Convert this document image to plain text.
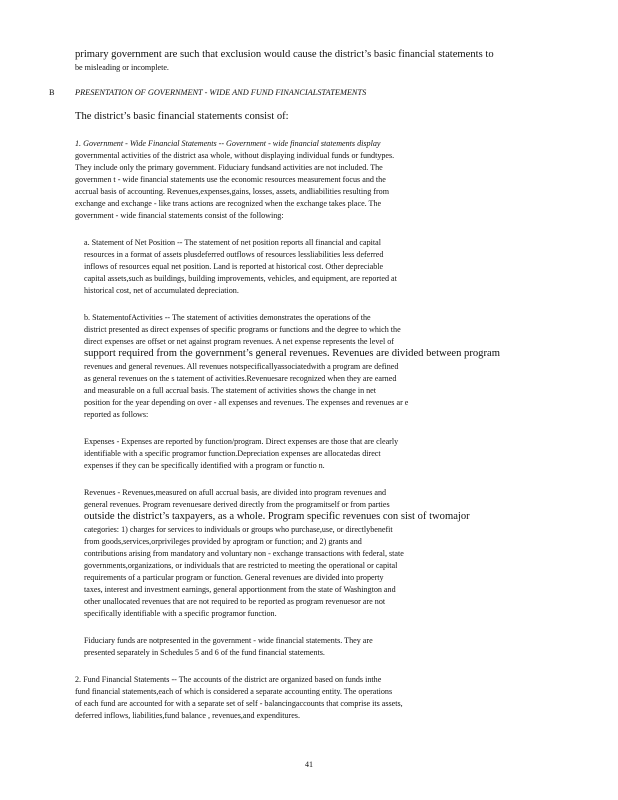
primary government are such that exclusion would cause the district’s basic financial statements to
be misleading or incomplete.
B PRESENTATION OF GOVERNMENT - WIDE AND FUND FINANCIALSTATEMENTS
The district’s basic financial statements consist of:
1. Government - Wide Financial Statements -- Government - wide financial statements display
governmental activities of the district asa whole, without displaying individual funds or fundtypes.
They include only the primary government. Fiduciary fundsand activities are not included. The
governmen t - wide financial statements use the economic resources measurement focus and the
accrual basis of accounting. Revenues,expenses,gains, losses, assets, andliabilities resulting from
exchange and exchange - like trans actions are recognized when the exchange takes place. The
government - wide financial statements consist of the following:
a. Statement of Net Position -- The statement of net position reports all financial and capital
resources in a format of assets plusdeferred outflows of resources lessliabilities less deferred
inflows of resources equal net position. Land is reported at historical cost. Other depreciable
capital assets,such as buildings, building improvements, vehicles, and equipment, are reported at
historical cost, net of accumulated depreciation.
b. StatementofActivities -- The statement of activities demonstrates the operations of the
district presented as direct expenses of specific programs or functions and the degree to which the
direct expenses are offset or net against program revenues. A net expense represents the level of
support required from the government’s general revenues. Revenues are divided between program
revenues and general revenues. All revenues notspecificallyassociatedwith a program are defined
as general revenues on the s tatement of activities.Revenuesare recognized when they are earned
and measurable on a full accrual basis. The statement of activities shows the change in net
position for the year depending on over - all expenses and revenues. The expenses and revenues ar e
reported as follows:
Expenses - Expenses are reported by function/program. Direct expenses are those that are clearly
identifiable with a specific programor function.Depreciation expenses are allocatedas direct
expenses if they can be specifically identified with a program or functio n.
Revenues - Revenues,measured on afull accrual basis, are divided into program revenues and
general revenues. Program revenuesare derived directly from the programitself or from parties
outside the district’s taxpayers, as a whole. Program specific revenues con sist of twomajor
categories: 1) charges for services to individuals or groups who purchase,use, or directlybenefit
from goods,services,orprivileges provided by aprogram or function; and 2) grants and
contributions arising from mandatory and voluntary non - exchange transactions with federal, state
governments,organizations, or individuals that are restricted to meeting the operational or capital
requirements of a particular program or function. General revenues are divided into property
taxes, interest and investment earnings, general apportionment from the state of Washington and
other unallocated revenues that are not required to be reported as program revenuesor are not
specifically identifiable with a specific programor function.
Fiduciary funds are notpresented in the government - wide financial statements. They are
presented separately in Schedules 5 and 6 of the fund financial statements.
2. Fund Financial Statements -- The accounts of the district are organized based on funds inthe
fund financial statements,each of which is considered a separate accounting entity. The operations
of each fund are accounted for with a separate set of self - balancingaccounts that comprise its assets,
deferred inflows, liabilities,fund balance , revenues,and expenditures.
41
